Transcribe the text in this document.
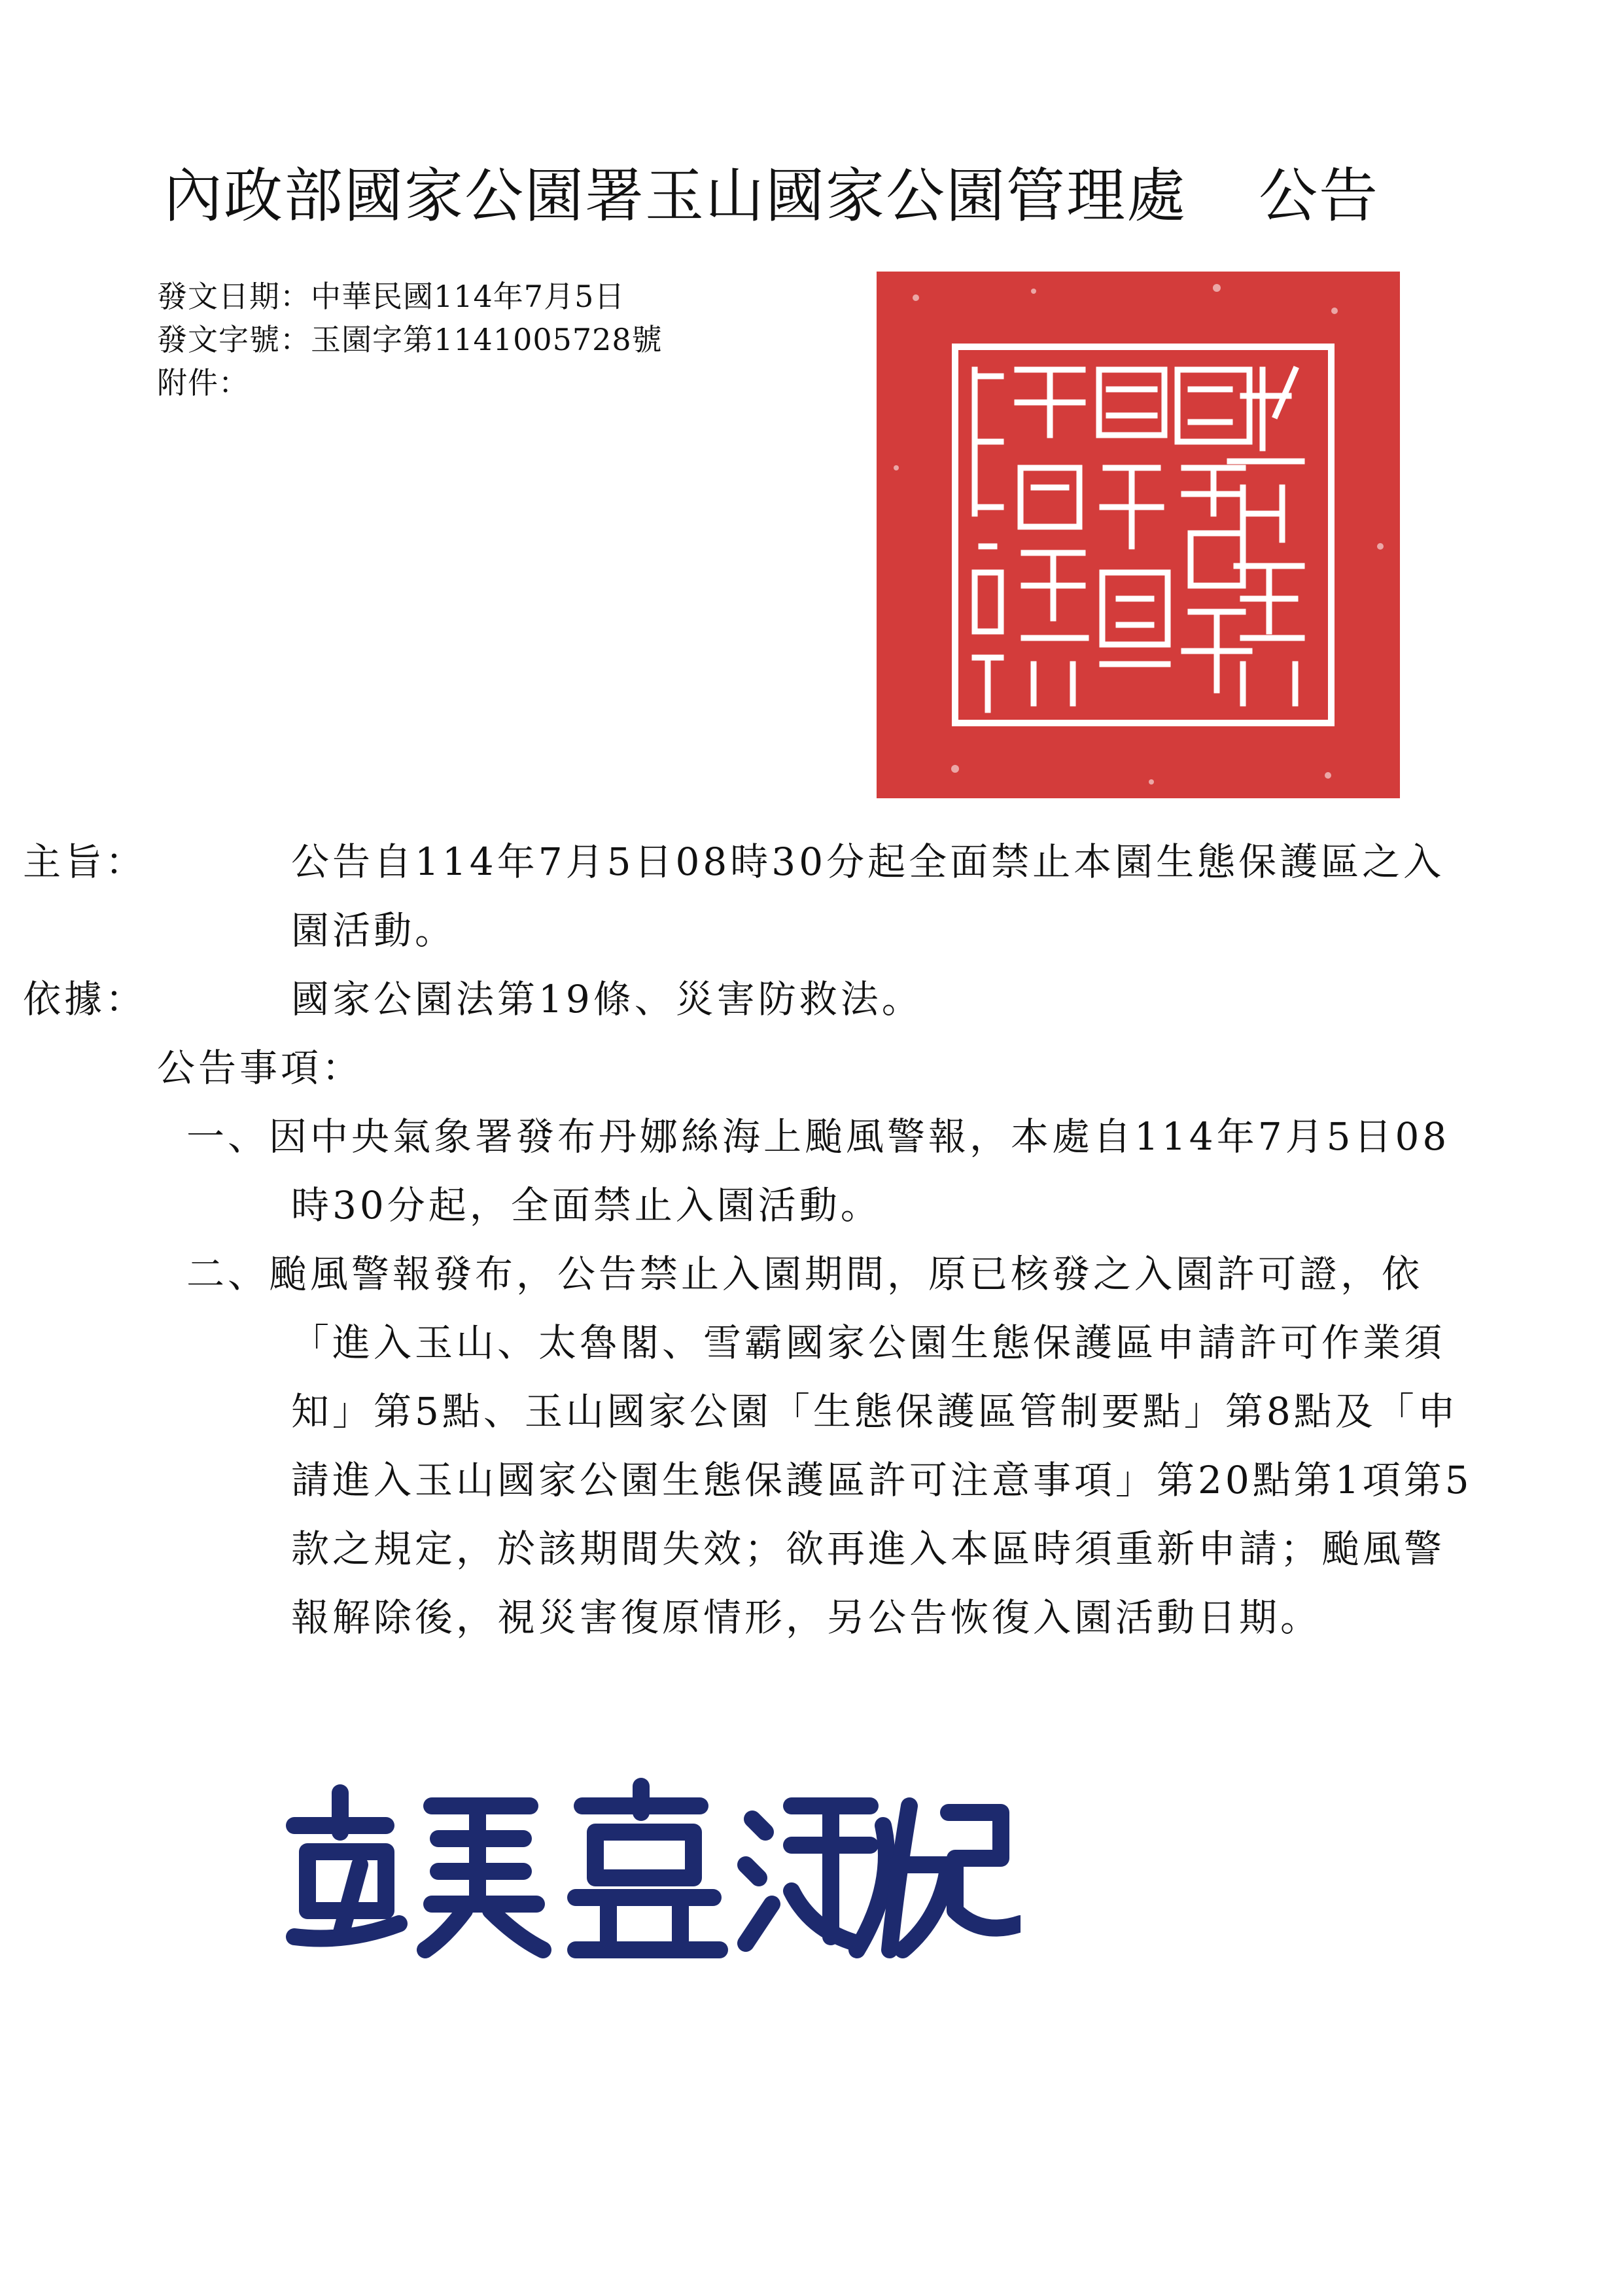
內政部國家公園署玉山國家公園管理處 公告
發文日期：中華民國114年7月5日
發文字號：玉園字第1141005728號
附件：
主旨：	公告自114年7月5日08時30分起全面禁止本園生態保護區之入園活動。
依據：	國家公園法第19條、災害防救法。
公告事項：
一、因中央氣象署發布丹娜絲海上颱風警報，本處自114年7月5日08時30分起，全面禁止入園活動。
二、颱風警報發布，公告禁止入園期間，原已核發之入園許可證，依「進入玉山、太魯閣、雪霸國家公園生態保護區申請許可作業須知」第5點、玉山國家公園「生態保護區管制要點」第8點及「申請進入玉山國家公園生態保護區許可注意事項」第20點第1項第5款之規定，於該期間失效；欲再進入本區時須重新申請；颱風警報解除後，視災害復原情形，另公告恢復入園活動日期。
